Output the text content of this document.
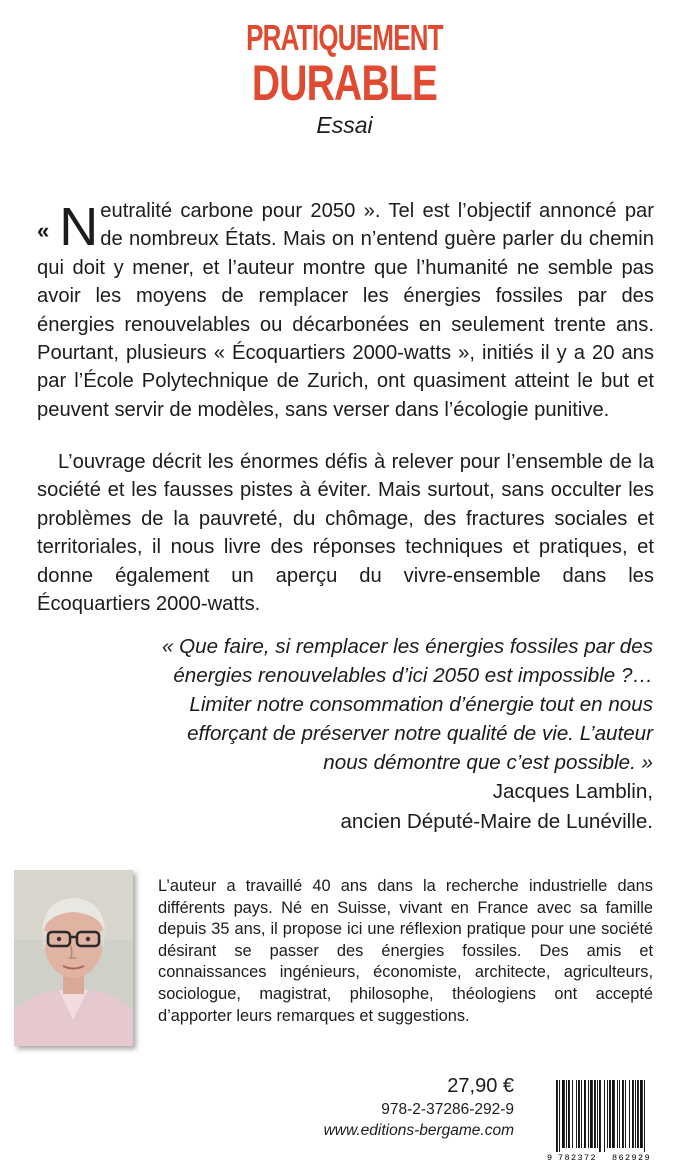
PRATIQUEMENT
DURABLE
Essai
« N eutralité carbone pour 2050 ». Tel est l’objectif annoncé par de nombreux États. Mais on n’entend guère parler du chemin qui doit y mener, et l’auteur montre que l’humanité ne semble pas avoir les moyens de remplacer les énergies fossiles par des énergies renouvelables ou décarbonées en seulement trente ans. Pourtant, plusieurs « Écoquartiers 2000-watts », initiés il y a 20 ans par l’École Polytechnique de Zurich, ont quasiment atteint le but et peuvent servir de modèles, sans verser dans l’écologie punitive.
L’ouvrage décrit les énormes défis à relever pour l’ensemble de la société et les fausses pistes à éviter. Mais surtout, sans occulter les problèmes de la pauvreté, du chômage, des fractures sociales et territoriales, il nous livre des réponses techniques et pratiques, et donne également un aperçu du vivre-ensemble dans les Écoquartiers 2000-watts.
« Que faire, si remplacer les énergies fossiles par des
énergies renouvelables d’ici 2050 est impossible ?…
Limiter notre consommation d’énergie tout en nous
efforçant de préserver notre qualité de vie. L’auteur
nous démontre que c’est possible. »
Jacques Lamblin,
ancien Député-Maire de Lunéville.
L’auteur a travaillé 40 ans dans la recherche industrielle dans différents pays. Né en Suisse, vivant en France avec sa famille depuis 35 ans, il propose ici une réflexion pratique pour une société désirant se passer des énergies fossiles. Des amis et connaissances ingénieurs, économiste, architecte, agriculteurs, sociologue, magistrat, philosophe, théologiens ont accepté d’apporter leurs remarques et suggestions.
27,90 €
978-2-37286-292-9
www.editions-bergame.com
9 782372 862929
